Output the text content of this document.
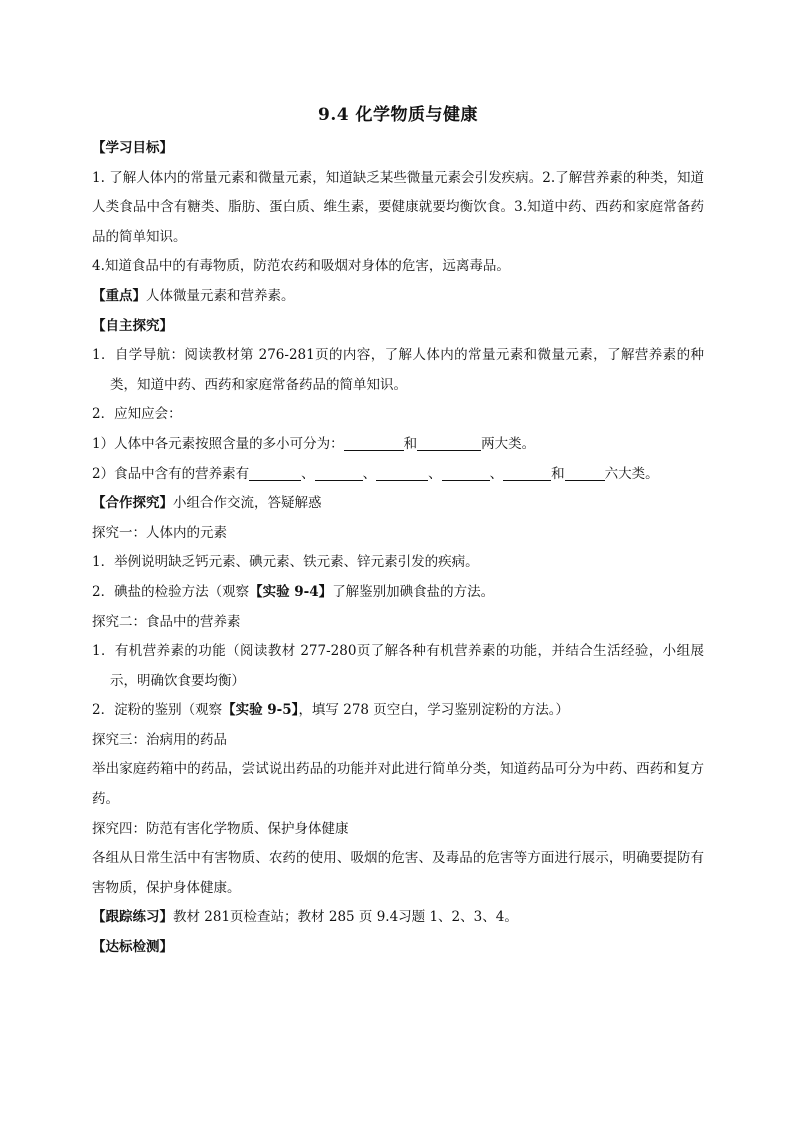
9.4 化学物质与健康
【学习目标】
1. 了解人体内的常量元素和微量元素，知道缺乏某些微量元素会引发疾病。2.了解营养素的种类，知道人类食品中含有糖类、脂肪、蛋白质、维生素，要健康就要均衡饮食。3.知道中药、西药和家庭常备药品的简单知识。
4.知道食品中的有毒物质，防范农药和吸烟对身体的危害，远离毒品。
【重点】人体微量元素和营养素。
【自主探究】
1．自学导航：阅读教材第 276-281页的内容，了解人体内的常量元素和微量元素，了解营养素的种类，知道中药、西药和家庭常备药品的简单知识。
2．应知应会：
1）人体中各元素按照含量的多小可分为：	和	两大类。
2）食品中含有的营养素有	、	、	、	、	和	六大类。
【合作探究】小组合作交流，答疑解惑
探究一：人体内的元素
1．举例说明缺乏钙元素、碘元素、铁元素、锌元素引发的疾病。
2．碘盐的检验方法（观察【实验 9-4】了解鉴别加碘食盐的方法。
探究二：食品中的营养素
1．有机营养素的功能（阅读教材 277-280页了解各种有机营养素的功能，并结合生活经验，小组展示，明确饮食要均衡）
2．淀粉的鉴别（观察【实验 9-5】，填写 278 页空白，学习鉴别淀粉的方法。）
探究三：治病用的药品
举出家庭药箱中的药品，尝试说出药品的功能并对此进行简单分类，知道药品可分为中药、西药和复方药。
探究四：防范有害化学物质、保护身体健康
各组从日常生活中有害物质、农药的使用、吸烟的危害、及毒品的危害等方面进行展示，明确要提防有害物质，保护身体健康。
【跟踪练习】教材 281页检查站；教材 285 页 9.4习题 1、2、3、4。
【达标检测】
